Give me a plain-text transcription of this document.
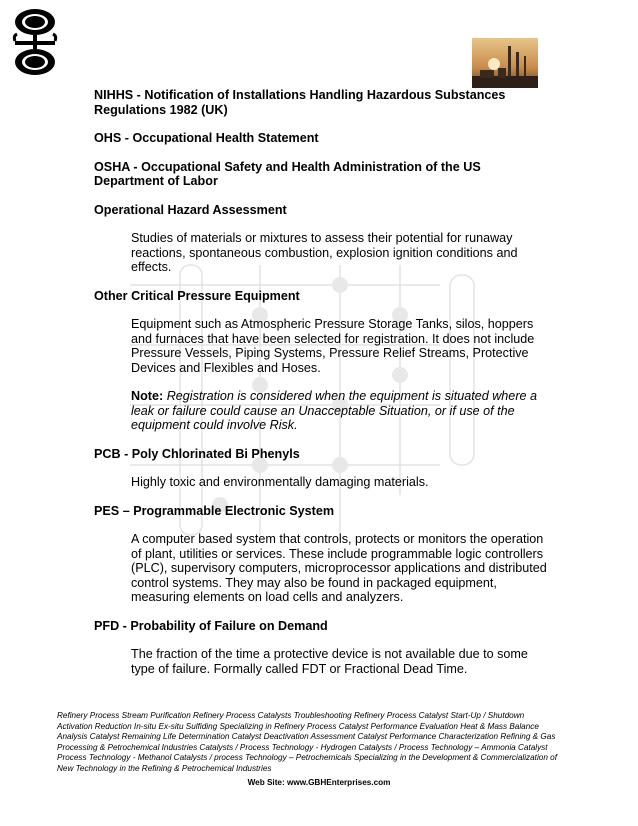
NIHHS - Notification of Installations Handling Hazardous Substances Regulations 1982 (UK)

OHS - Occupational Health Statement

OSHA - Occupational Safety and Health Administration of the US Department of Labor

Operational Hazard Assessment

Studies of materials or mixtures to assess their potential for runaway reactions, spontaneous combustion, explosion ignition conditions and effects.

Other Critical Pressure Equipment

Equipment such as Atmospheric Pressure Storage Tanks, silos, hoppers and furnaces that have been selected for registration. It does not include Pressure Vessels, Piping Systems, Pressure Relief Streams, Protective Devices and Flexibles and Hoses.

Note: Registration is considered when the equipment is situated where a leak or failure could cause an Unacceptable Situation, or if use of the equipment could involve Risk.

PCB - Poly Chlorinated Bi Phenyls

Highly toxic and environmentally damaging materials.

PES – Programmable Electronic System

A computer based system that controls, protects or monitors the operation of plant, utilities or services. These include programmable logic controllers (PLC), supervisory computers, microprocessor applications and distributed control systems. They may also be found in packaged equipment, measuring elements on load cells and analyzers.

PFD - Probability of Failure on Demand

The fraction of the time a protective device is not available due to some type of failure. Formally called FDT or Fractional Dead Time.

Refinery Process Stream Purification Refinery Process Catalysts Troubleshooting Refinery Process Catalyst Start-Up / Shutdown Activation Reduction In-situ Ex-situ Sulfiding Specializing in Refinery Process Catalyst Performance Evaluation Heat & Mass Balance Analysis Catalyst Remaining Life Determination Catalyst Deactivation Assessment Catalyst Performance Characterization Refining & Gas Processing & Petrochemical Industries Catalysts / Process Technology - Hydrogen Catalysts / Process Technology – Ammonia Catalyst Process Technology - Methanol Catalysts / process Technology – Petrochemicals Specializing in the Development & Commercialization of New Technology in the Refining & Petrochemical Industries

Web Site: www.GBHEnterprises.com
